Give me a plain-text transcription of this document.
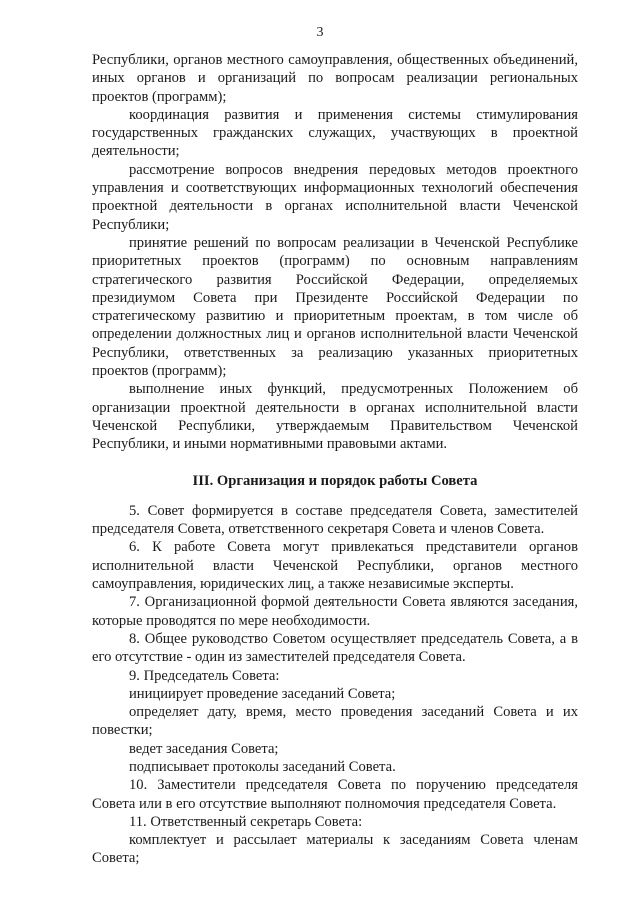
3

Республики, органов местного самоуправления, общественных объединений, иных органов и организаций по вопросам реализации региональных проектов (программ);

координация развития и применения системы стимулирования государственных гражданских служащих, участвующих в проектной деятельности;

рассмотрение вопросов внедрения передовых методов проектного управления и соответствующих информационных технологий обеспечения проектной деятельности в органах исполнительной власти Чеченской Республики;

принятие решений по вопросам реализации в Чеченской Республике приоритетных проектов (программ) по основным направлениям стратегического развития Российской Федерации, определяемых президиумом Совета при Президенте Российской Федерации по стратегическому развитию и приоритетным проектам, в том числе об определении должностных лиц и органов исполнительной власти Чеченской Республики, ответственных за реализацию указанных приоритетных проектов (программ);

выполнение иных функций, предусмотренных Положением об организации проектной деятельности в органах исполнительной власти Чеченской Республики, утверждаемым Правительством Чеченской Республики, и иными нормативными правовыми актами.

III. Организация и порядок работы Совета

5. Совет формируется в составе председателя Совета, заместителей председателя Совета, ответственного секретаря Совета и членов Совета.

6. К работе Совета могут привлекаться представители органов исполнительной власти Чеченской Республики, органов местного самоуправления, юридических лиц, а также независимые эксперты.

7. Организационной формой деятельности Совета являются заседания, которые проводятся по мере необходимости.

8. Общее руководство Советом осуществляет председатель Совета, а в его отсутствие - один из заместителей председателя Совета.

9. Председатель Совета:

инициирует проведение заседаний Совета;

определяет дату, время, место проведения заседаний Совета и их повестки;

ведет заседания Совета;

подписывает протоколы заседаний Совета.

10. Заместители председателя Совета по поручению председателя Совета или в его отсутствие выполняют полномочия председателя Совета.

11. Ответственный секретарь Совета:

комплектует и рассылает материалы к заседаниям Совета членам Совета;
